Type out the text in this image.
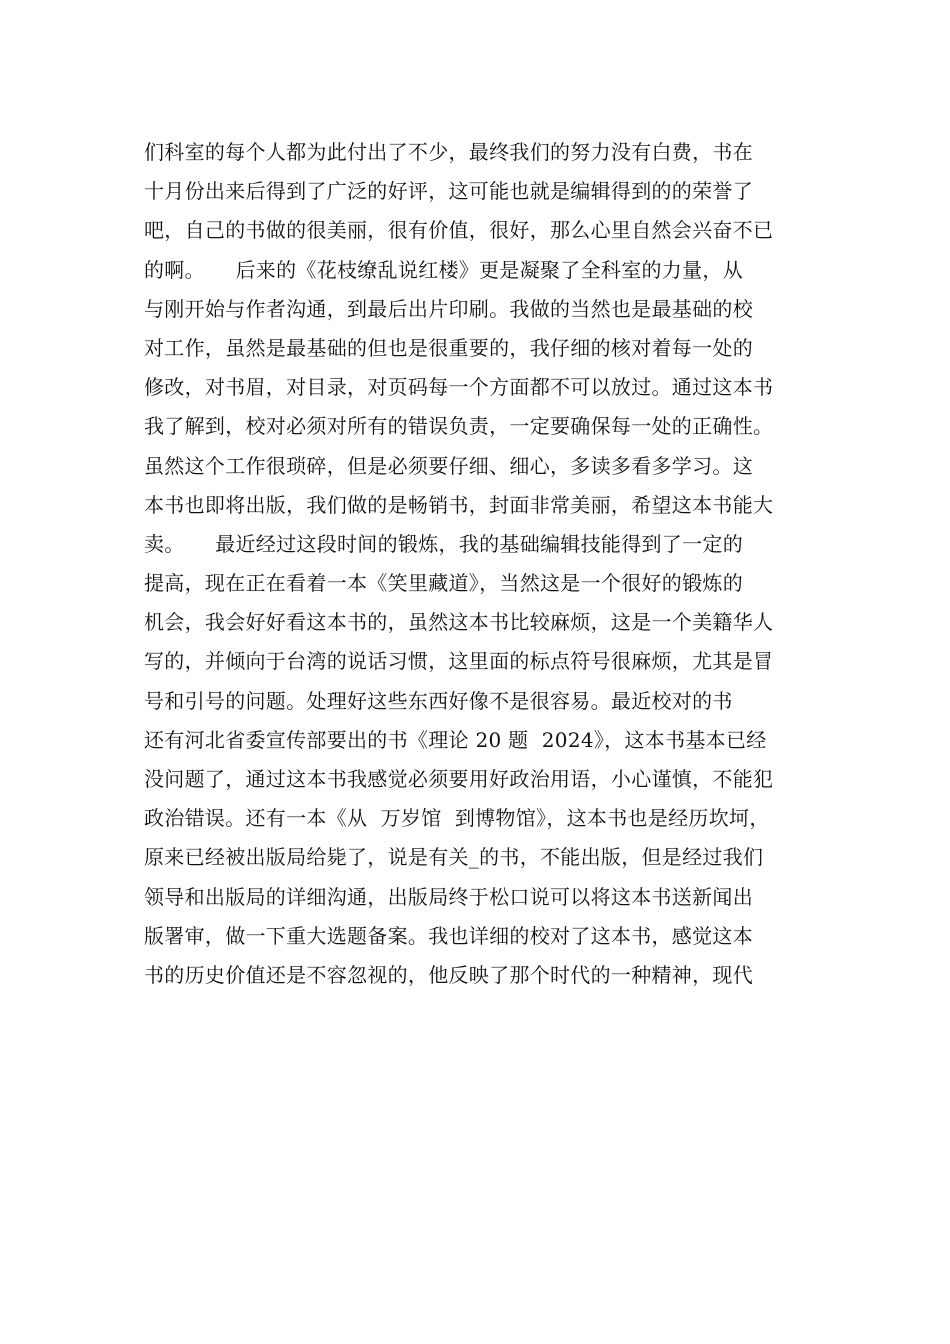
们科室的每个人都为此付出了不少，最终我们的努力没有白费，书在
十月份出来后得到了广泛的好评，这可能也就是编辑得到的的荣誉了
吧，自己的书做的很美丽，很有价值，很好，那么心里自然会兴奋不已
的啊。　　后来的《花枝缭乱说红楼》更是凝聚了全科室的力量，从
与刚开始与作者沟通，到最后出片印刷。我做的当然也是最基础的校
对工作，虽然是最基础的但也是很重要的，我仔细的核对着每一处的
修改，对书眉，对目录，对页码每一个方面都不可以放过。通过这本书
我了解到，校对必须对所有的错误负责，一定要确保每一处的正确性。
虽然这个工作很琐碎，但是必须要仔细、细心，多读多看多学习。这
本书也即将出版，我们做的是畅销书，封面非常美丽，希望这本书能大
卖。　　最近经过这段时间的锻炼，我的基础编辑技能得到了一定的
提高，现在正在看着一本《笑里藏道》，当然这是一个很好的锻炼的
机会，我会好好看这本书的，虽然这本书比较麻烦，这是一个美籍华人
写的，并倾向于台湾的说话习惯，这里面的标点符号很麻烦，尤其是冒
号和引号的问题。处理好这些东西好像不是很容易。最近校对的书
还有河北省委宣传部要出的书《理论 20 题  2024》，这本书基本已经
没问题了，通过这本书我感觉必须要用好政治用语，小心谨慎，不能犯
政治错误。还有一本《从  万岁馆  到博物馆》，这本书也是经历坎坷，
原来已经被出版局给毙了，说是有关_的书，不能出版，但是经过我们
领导和出版局的详细沟通，出版局终于松口说可以将这本书送新闻出
版署审，做一下重大选题备案。我也详细的校对了这本书，感觉这本
书的历史价值还是不容忽视的，他反映了那个时代的一种精神，现代
